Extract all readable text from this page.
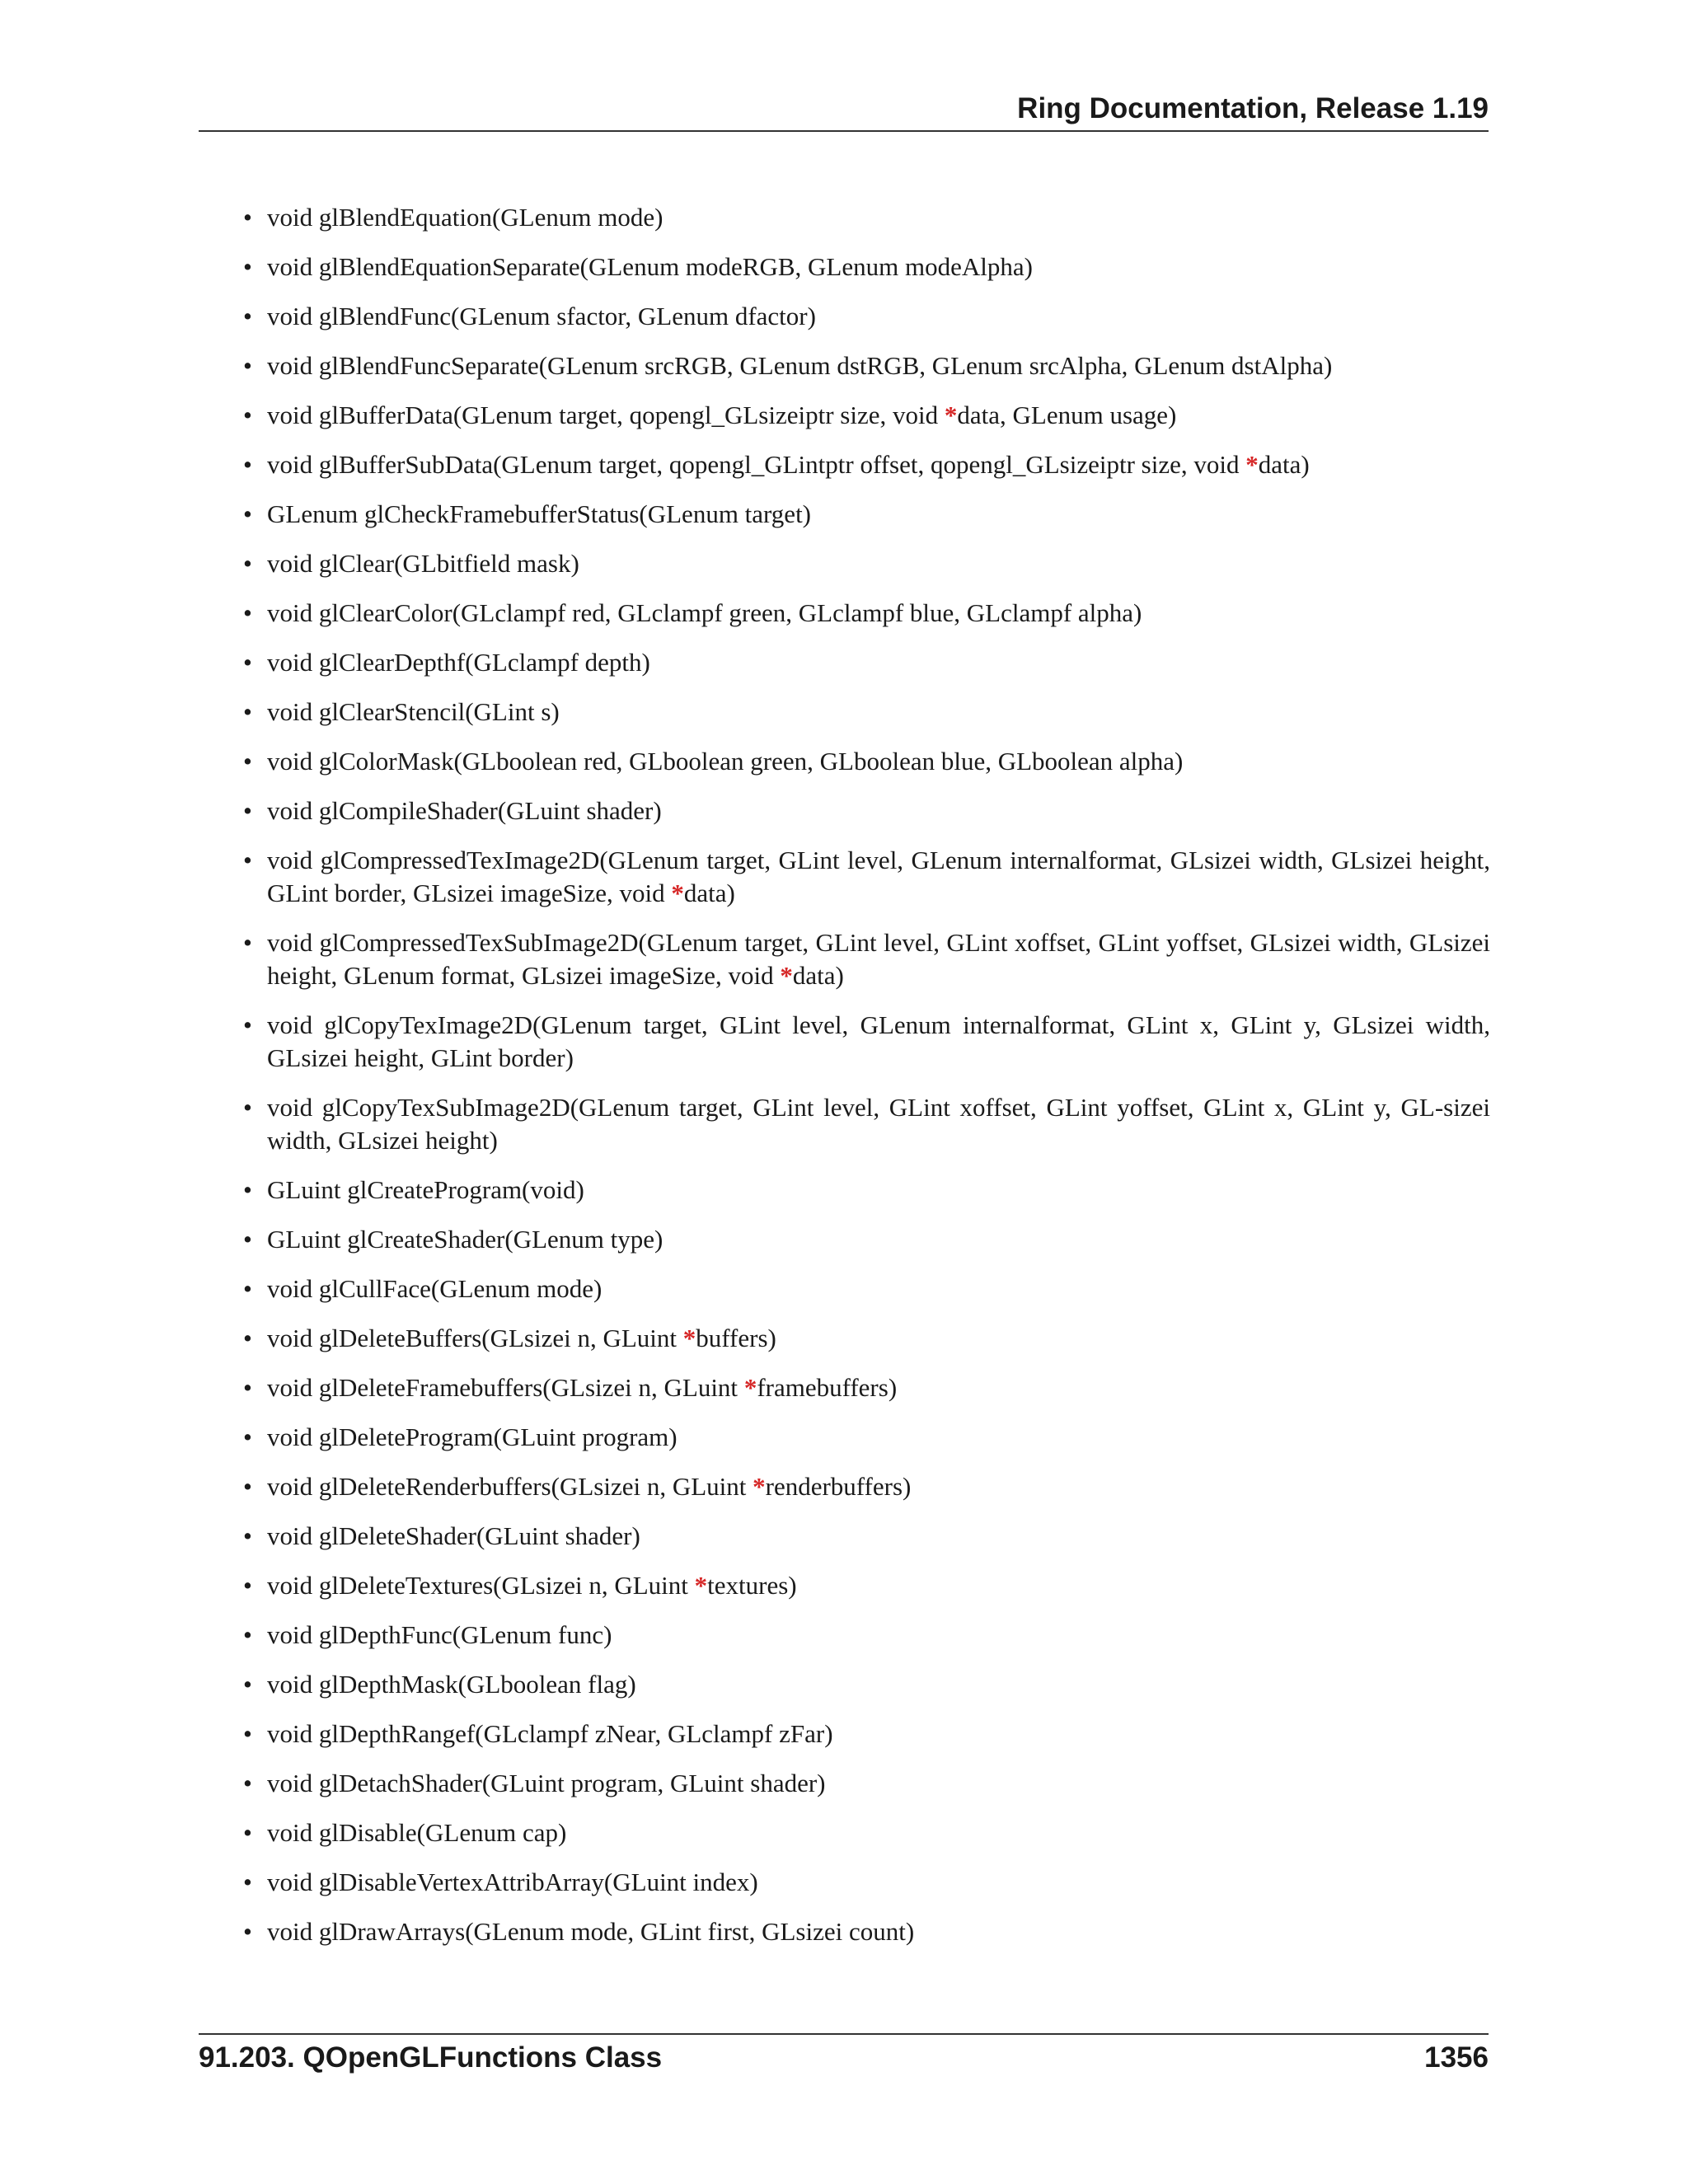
Ring Documentation, Release 1.19
• void glBlendEquation(GLenum mode)
• void glBlendEquationSeparate(GLenum modeRGB, GLenum modeAlpha)
• void glBlendFunc(GLenum sfactor, GLenum dfactor)
• void glBlendFuncSeparate(GLenum srcRGB, GLenum dstRGB, GLenum srcAlpha, GLenum dstAlpha)
• void glBufferData(GLenum target, qopengl_GLsizeiptr size, void *data, GLenum usage)
• void glBufferSubData(GLenum target, qopengl_GLintptr offset, qopengl_GLsizeiptr size, void *data)
• GLenum glCheckFramebufferStatus(GLenum target)
• void glClear(GLbitfield mask)
• void glClearColor(GLclampf red, GLclampf green, GLclampf blue, GLclampf alpha)
• void glClearDepthf(GLclampf depth)
• void glClearStencil(GLint s)
• void glColorMask(GLboolean red, GLboolean green, GLboolean blue, GLboolean alpha)
• void glCompileShader(GLuint shader)
• void glCompressedTexImage2D(GLenum target, GLint level, GLenum internalformat, GLsizei width, GLsizei height, GLint border, GLsizei imageSize, void *data)
• void glCompressedTexSubImage2D(GLenum target, GLint level, GLint xoffset, GLint yoffset, GLsizei width, GLsizei height, GLenum format, GLsizei imageSize, void *data)
• void glCopyTexImage2D(GLenum target, GLint level, GLenum internalformat, GLint x, GLint y, GLsizei width, GLsizei height, GLint border)
• void glCopyTexSubImage2D(GLenum target, GLint level, GLint xoffset, GLint yoffset, GLint x, GLint y, GL-sizei width, GLsizei height)
• GLuint glCreateProgram(void)
• GLuint glCreateShader(GLenum type)
• void glCullFace(GLenum mode)
• void glDeleteBuffers(GLsizei n, GLuint *buffers)
• void glDeleteFramebuffers(GLsizei n, GLuint *framebuffers)
• void glDeleteProgram(GLuint program)
• void glDeleteRenderbuffers(GLsizei n, GLuint *renderbuffers)
• void glDeleteShader(GLuint shader)
• void glDeleteTextures(GLsizei n, GLuint *textures)
• void glDepthFunc(GLenum func)
• void glDepthMask(GLboolean flag)
• void glDepthRangef(GLclampf zNear, GLclampf zFar)
• void glDetachShader(GLuint program, GLuint shader)
• void glDisable(GLenum cap)
• void glDisableVertexAttribArray(GLuint index)
• void glDrawArrays(GLenum mode, GLint first, GLsizei count)
91.203. QOpenGLFunctions Class	1356
